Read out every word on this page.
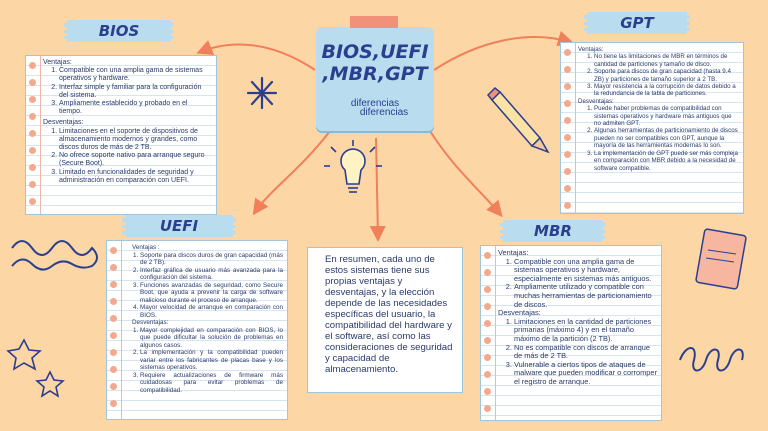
BIOS,UEFI ,MBR,GPT
diferencias
diferencias
BIOS
Ventajas:
1. Compatible con una amplia gama de sistemas operativos y hardware.
2. Interfaz simple y familiar para la configuración del sistema.
3. Ampliamente establecido y probado en el tiempo.
Desventajas:
1. Limitaciones en el soporte de dispositivos de almacenamiento modernos y grandes, como discos duros de más de 2 TB.
2. No ofrece soporte nativo para arranque seguro (Secure Boot).
3. Limitado en funcionalidades de seguridad y administración en comparación con UEFI.
GPT
Ventajas:
1. No tiene las limitaciones de MBR en términos de cantidad de particiones y tamaño de disco.
2. Soporte para discos de gran capacidad (hasta 9.4 ZB) y particiones de tamaño superior a 2 TB.
3. Mayor resistencia a la corrupción de datos debido a la redundancia de la tabla de particiones.
Desventajas:
1. Puede haber problemas de compatibilidad con sistemas operativos y hardware más antiguos que no admiten GPT.
2. Algunas herramientas de particionamiento de discos pueden no ser compatibles con GPT, aunque la mayoría de las herramientas modernas lo son.
3. La implementación de GPT puede ser más compleja en comparación con MBR debido a la necesidad de software compatible.
UEFI
Ventajas :
1. Soporte para discos duros de gran capacidad (más de 2 TB).
2. Interfaz gráfica de usuario más avanzada para la configuración del sistema.
3. Funciones avanzadas de seguridad, como Secure Boot, que ayuda a prevenir la carga de software malicioso durante el proceso de arranque.
4. Mayor velocidad de arranque en comparación con BIOS.
Desventajas:
1. Mayor complejidad en comparación con BIOS, lo que puede dificultar la solución de problemas en algunos casos.
2. La implementación y la compatibilidad pueden variar entre los fabricantes de placas base y los sistemas operativos.
3. Requiere actualizaciones de firmware más cuidadosas para evitar problemas de compatibilidad.
MBR
Ventajas:
1. Compatible con una amplia gama de sistemas operativos y hardware, especialmente en sistemas más antiguos.
2. Ampliamente utilizado y compatible con muchas herramientas de particionamiento de discos.
Desventajas:
1. Limitaciones en la cantidad de particiones primarias (máximo 4) y en el tamaño máximo de la partición (2 TB).
2. No es compatible con discos de arranque de más de 2 TB.
3. Vulnerable a ciertos tipos de ataques de malware que pueden modificar o corromper el registro de arranque.
En resumen, cada uno de estos sistemas tiene sus propias ventajas y desventajas, y la elección depende de las necesidades específicas del usuario, la compatibilidad del hardware y el software, así como las consideraciones de seguridad y capacidad de almacenamiento.
